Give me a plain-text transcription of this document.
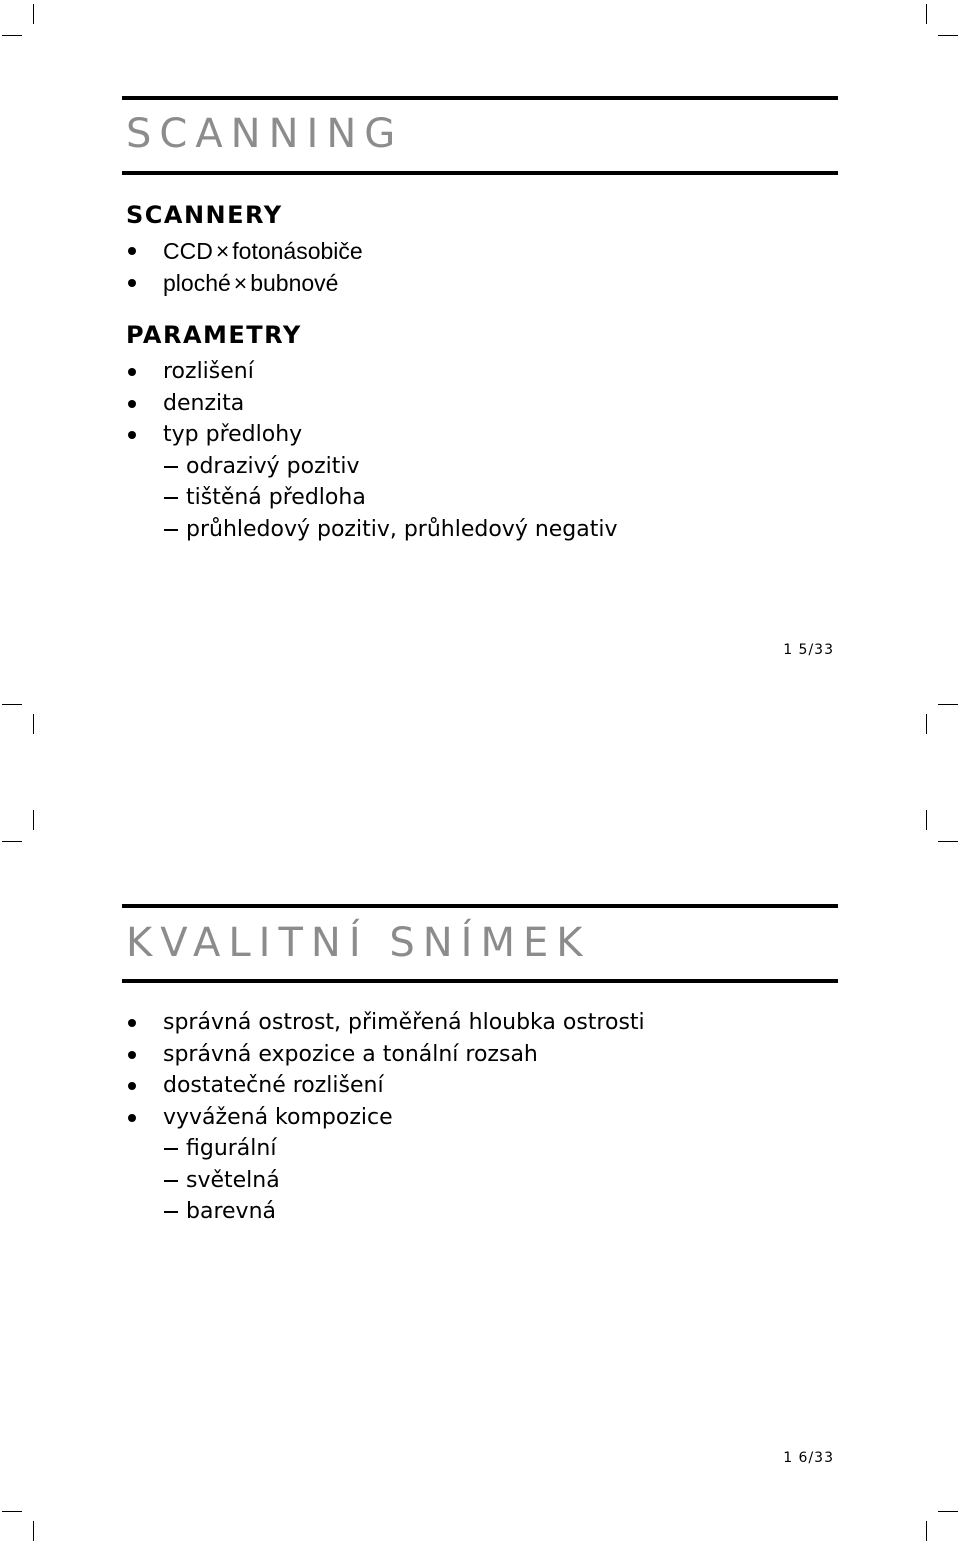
SCANNING
SCANNERY
CCD × fotonásobiče
ploché × bubnové
PARAMETRY
rozlišení
denzita
typ předlohy
odrazivý pozitiv
tištěná předloha
průhledový pozitiv, průhledový negativ
1 5/33
KVALITNÍ SNÍMEK
správná ostrost, přiměřená hloubka ostrosti
správná expozice a tonální rozsah
dostatečné rozlišení
vyvážená kompozice
figurální
světelná
barevná
1 6/33
